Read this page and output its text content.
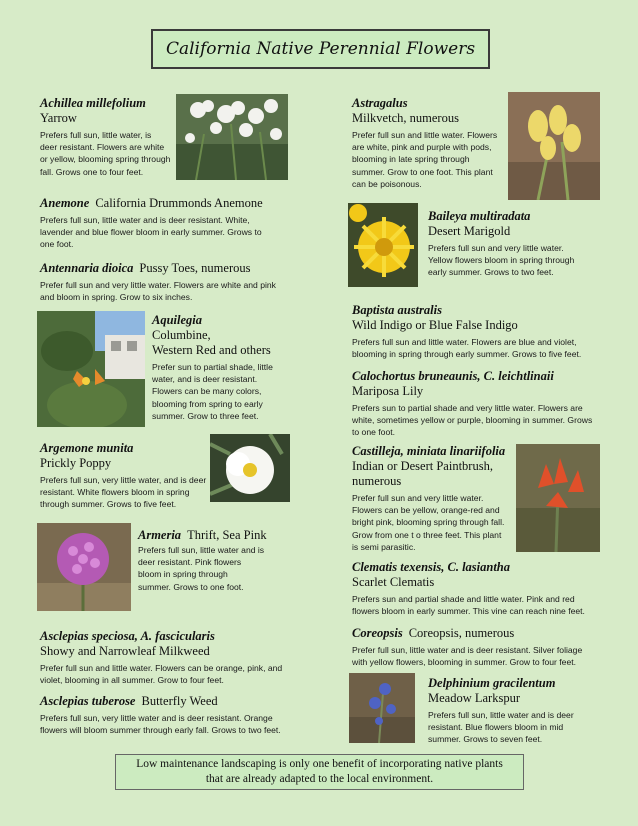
California Native Perennial Flowers
Achillea millefolium
Yarrow
Prefers full sun, little water, is
deer resistant. Flowers are white
or yellow, blooming spring through
fall. Grows one to four feet.
Anemone California Drummonds Anemone
Prefers full sun, little water and is deer resistant. White,
lavender and blue flower bloom in early summer. Grows to
one foot.
Antennaria dioica Pussy Toes, numerous
Prefer full sun and very little water. Flowers are white and pink
and bloom in spring. Grow to six inches.
Aquilegia
Columbine,
Western Red and others
Prefer sun to partial shade, little
water, and is deer resistant.
Flowers can be many colors,
blooming from spring to early
summer. Grow to three feet.
Argemone munita
Prickly Poppy
Prefers full sun, very little water, and is deer
resistant. White flowers bloom in spring
through summer. Grows to five feet.
Armeria Thrift, Sea Pink
Prefers full sun, little water and is
deer resistant. Pink flowers
bloom in spring through
summer. Grows to one foot.
Asclepias speciosa, A. fascicularis
Showy and Narrowleaf Milkweed
Prefer full sun and little water. Flowers can be orange, pink, and
violet, blooming in all summer. Grow to four feet.
Asclepias tuberose Butterfly Weed
Prefers full sun, very little water and is deer resistant. Orange
flowers will bloom summer through early fall. Grows to two feet.
Astragalus
Milkvetch, numerous
Prefer full sun and little water. Flowers
are white, pink and purple with pods,
blooming in late spring through
summer. Grow to one foot. This plant
can be poisonous.
Baileya multiradata
Desert Marigold
Prefers full sun and very little water.
Yellow flowers bloom in spring through
early summer. Grows to two feet.
Baptista australis
Wild Indigo or Blue False Indigo
Prefers full sun and little water. Flowers are blue and violet,
blooming in spring through early summer. Grows to five feet.
Calochortus bruneaunis, C. leichtlinaii
Mariposa Lily
Prefers sun to partial shade and very little water. Flowers are
white, sometimes yellow or purple, blooming in summer. Grows
to one foot.
Castilleja, miniata linariifolia
Indian or Desert Paintbrush,
numerous
Prefer full sun and very little water.
Flowers can be yellow, orange-red and
bright pink, blooming spring through fall.
Grow from one t o three feet. This plant
is semi parasitic.
Clematis texensis, C. lasiantha
Scarlet Clematis
Prefers sun and partial shade and little water. Pink and red
flowers bloom in early summer. This vine can reach nine feet.
Coreopsis Coreopsis, numerous
Prefer full sun, little water and is deer resistant. Silver foliage
with yellow flowers, blooming in summer. Grow to four feet.
Delphinium gracilentum
Meadow Larkspur
Prefers full sun, little water and is deer
resistant. Blue flowers bloom in mid
summer. Grows to seven feet.
Low maintenance landscaping is only one benefit of incorporating native plants
that are already adapted to the local environment.
